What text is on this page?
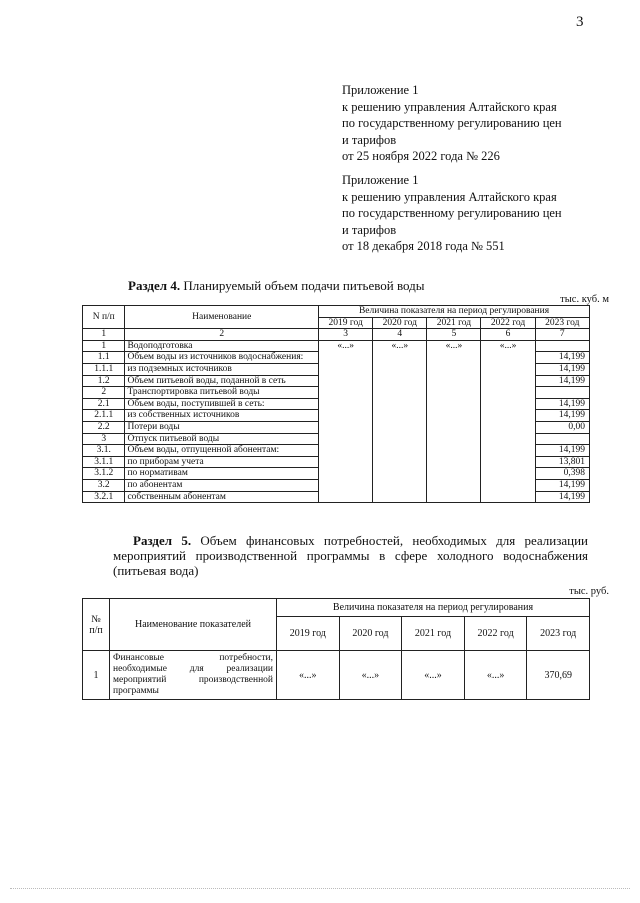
3
Приложение 1
к решению управления Алтайского края
по государственному регулированию цен
и тарифов
от 25 ноября 2022 года № 226
Приложение 1
к решению управления Алтайского края
по государственному регулированию цен
и тарифов
от 18 декабря 2018 года № 551
Раздел 4. Планируемый объем подачи питьевой воды
тыс. куб. м
N п/п	Наименование	Величина показателя на период регулирования				
		2019 год	2020 год	2021 год	2022 год	2023 год
1	2	3	4	5	6	7
1	Водоподготовка	«...»	«...»	«...»	«...»	
1.1	Объем воды из источников водоснабжения:					14,199
1.1.1	из подземных источников					14,199
1.2	Объем питьевой воды, поданной в сеть					14,199
2	Транспортировка питьевой воды					
2.1	Объем воды, поступившей в сеть:					14,199
2.1.1	из собственных источников					14,199
2.2	Потери воды					0,00
3	Отпуск питьевой воды					
3.1.	Объем воды, отпущенной абонентам:					14,199
3.1.1	по приборам учета					13,801
3.1.2	по нормативам					0,398
3.2	по абонентам					14,199
3.2.1	собственным абонентам					14,199
Раздел 5. Объем финансовых потребностей, необходимых для реализации мероприятий производственной программы в сфере холодного водоснабжения (питьевая вода)
тыс. руб.
№ п/п	Наименование показателей	Величина показателя на период регулирования				
		2019 год	2020 год	2021 год	2022 год	2023 год
1	Финансовые потребности, необходимые для реализации мероприятий производственной программы	«...»	«...»	«...»	«...»	370,69
